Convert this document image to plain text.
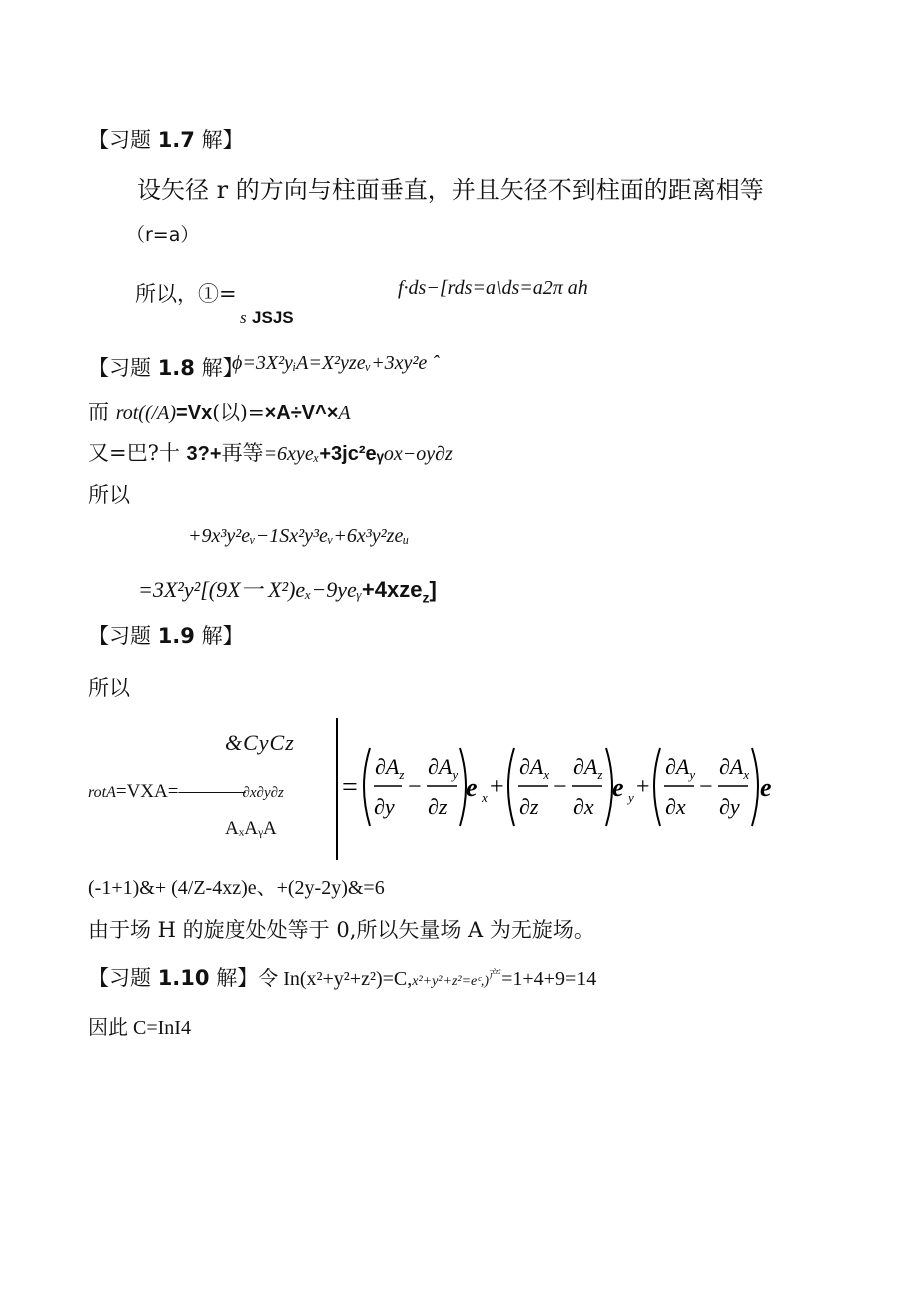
【习题 1.7 解】
设矢径 r 的方向与柱面垂直，并且矢径不到柱面的距离相等
（r=a）
所以，①=	f·ds−[rds=a\ds=a2π ah
s JSJS
【习题 1.8 解】
ϕ=3X²yᵢA=X²yzeᵥ+3xy²e ˆ
而 rot((/A)=Vx(以)=×A÷V^×A
又=巴?十 3?+再等=6xyeₓ+3jc²eᵧox−oy∂z
所以
+9x³y²eᵥ−1Sx²y³eᵥ+6x³y²zeᵤ
=3X²y²[(9X一 X²)eₓ−9yeᵧ+4xze$_z$]
【习题 1.9 解】
所以
&CyCz
rotA=VXA=————∂x∂y∂z
AₓAᵧA
=
$\partial A_z$
∂y
−
$\partial A_y$
∂z
e x +
$\partial A_x$
∂z
−
$\partial A_z$
∂x
e y +
$\partial A_y$
∂x
−
$\partial A_x$
∂y
e
(-1+1)&+ (4/Z-4xz)e、+(2y-2y)&=6
由于场 H 的旋度处处等于 0,所以矢量场 A 为无旋场。
【习题 1.10 解】令 In(x²+y²+z²)=C,x²+y²+z²=eᶜ,)$^产$=1+4+9=14
因此 C=InI4
